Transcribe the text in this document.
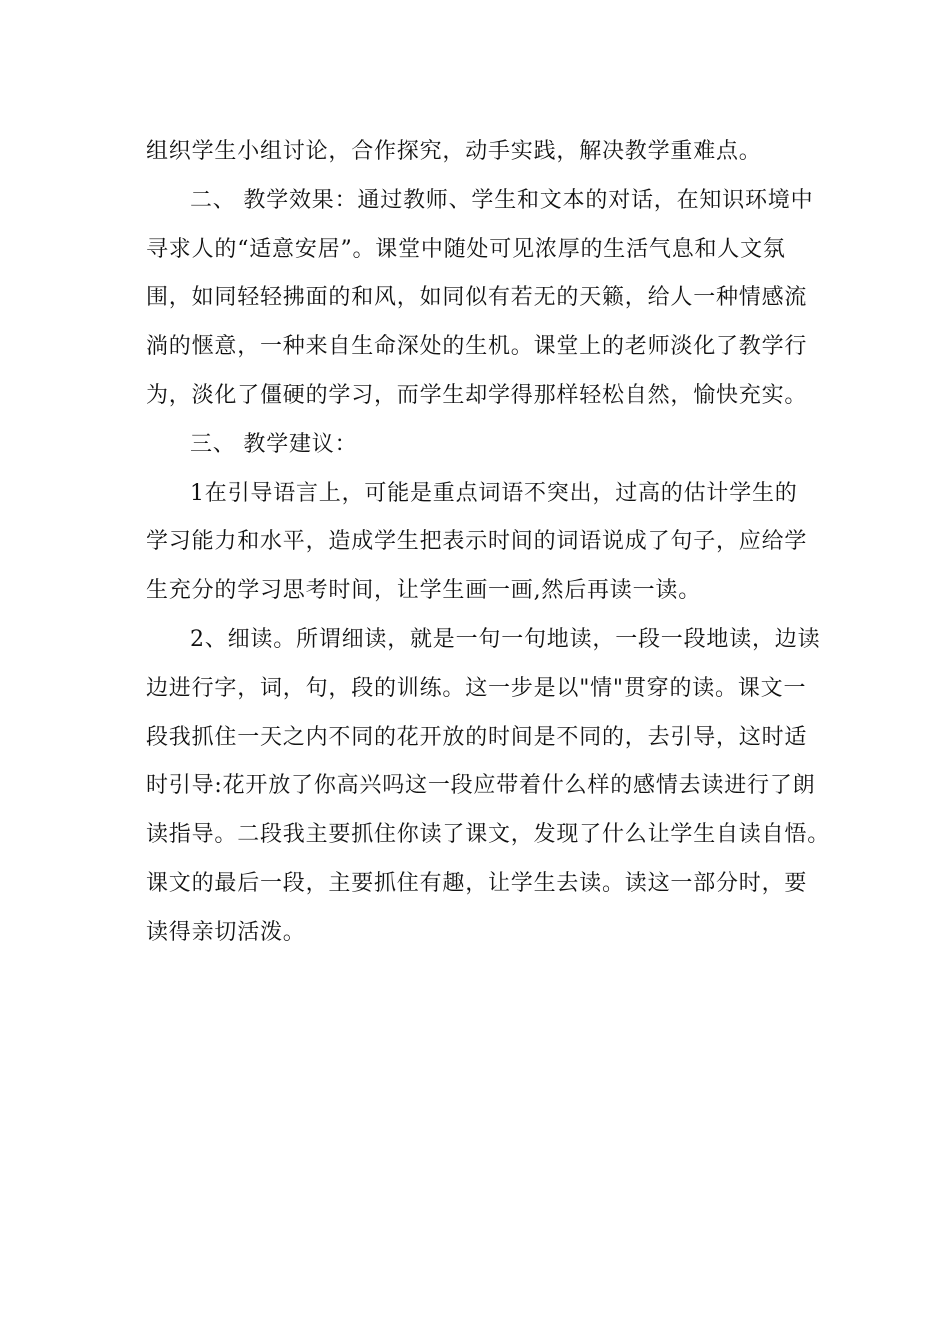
组织学生小组讨论，合作探究，动手实践，解决教学重难点。
二、 教学效果：通过教师、学生和文本的对话，在知识环境中
寻求人的“适意安居”。课堂中随处可见浓厚的生活气息和人文氛
围，如同轻轻拂面的和风，如同似有若无的天籁，给人一种情感流
淌的惬意，一种来自生命深处的生机。课堂上的老师淡化了教学行
为，淡化了僵硬的学习，而学生却学得那样轻松自然，愉快充实。
三、 教学建议：
1在引导语言上，可能是重点词语不突出，过高的估计学生的
学习能力和水平，造成学生把表示时间的词语说成了句子，应给学
生充分的学习思考时间，让学生画一画,然后再读一读。
2、细读。所谓细读，就是一句一句地读，一段一段地读，边读
边进行字，词，句，段的训练。这一步是以"情"贯穿的读。课文一
段我抓住一天之内不同的花开放的时间是不同的，去引导，这时适
时引导:花开放了你高兴吗这一段应带着什么样的感情去读进行了朗
读指导。二段我主要抓住你读了课文，发现了什么让学生自读自悟。
课文的最后一段，主要抓住有趣，让学生去读。读这一部分时，要
读得亲切活泼。
